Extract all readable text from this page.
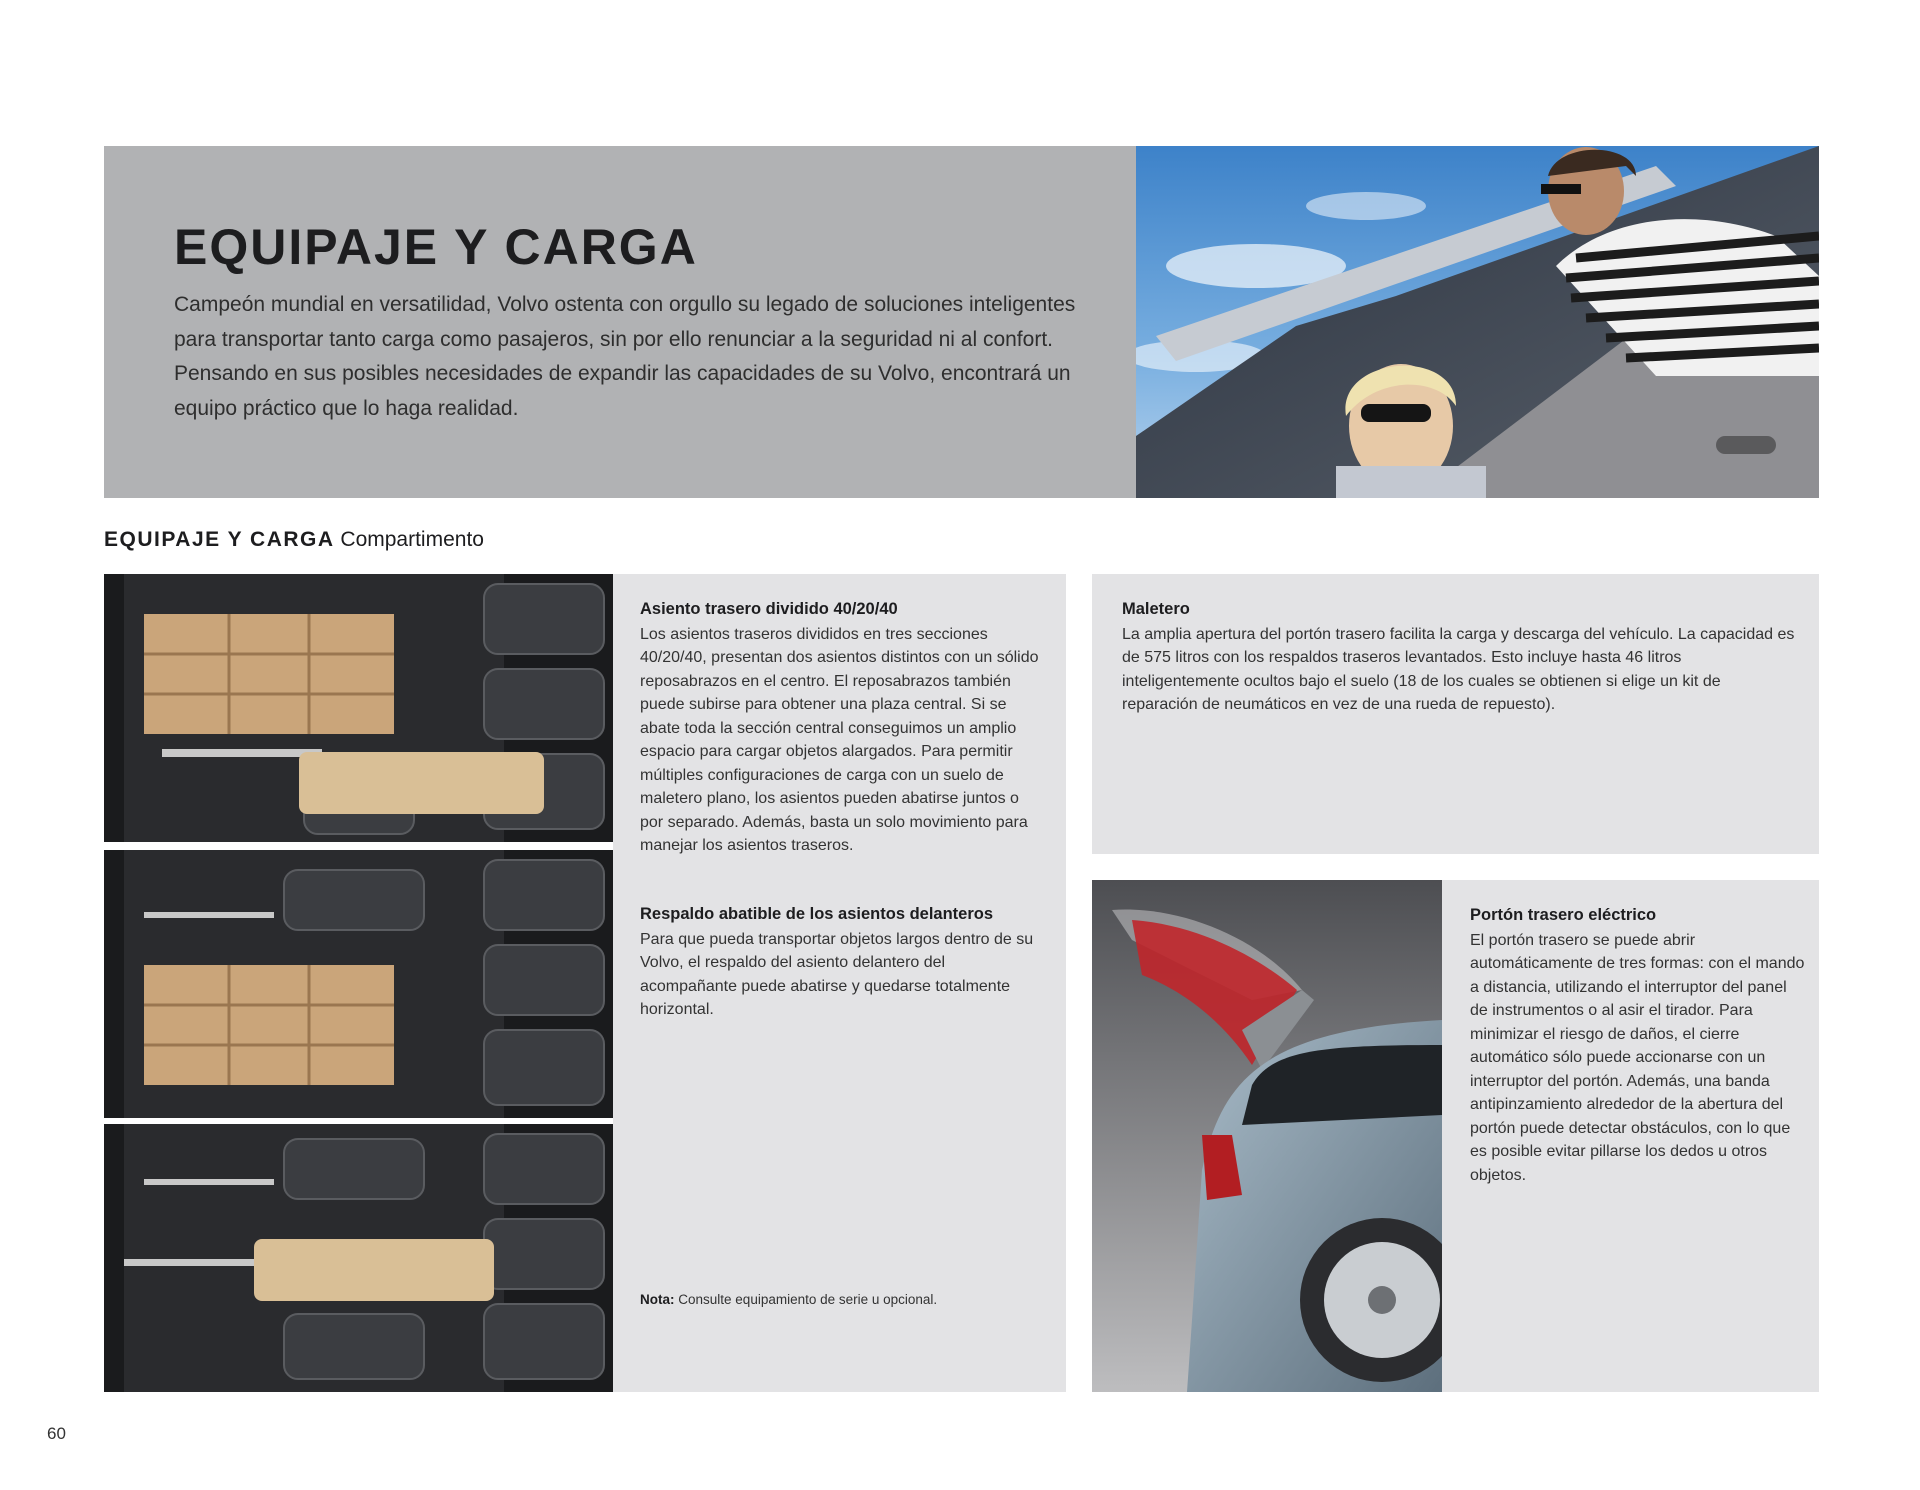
EQUIPAJE Y CARGA

Campeón mundial en versatilidad, Volvo ostenta con orgullo su legado de soluciones inteligentes para transportar tanto carga como pasajeros, sin por ello renunciar a la seguridad ni al confort. Pensando en sus posibles necesidades de expandir las capacidades de su Volvo, encontrará un equipo práctico que lo haga realidad.

EQUIPAJE Y CARGA Compartimento

Asiento trasero dividido 40/20/40

Los asientos traseros divididos en tres secciones 40/20/40, presentan dos asientos distintos con un sólido reposabrazos en el centro. El reposabrazos también puede subirse para obtener una plaza central. Si se abate toda la sección central conseguimos un amplio espacio para cargar objetos alargados. Para permitir múltiples configuraciones de carga con un suelo de maletero plano, los asientos pueden abatirse juntos o por separado. Además, basta un solo movimiento para manejar los asientos traseros.

Respaldo abatible de los asientos delanteros

Para que pueda transportar objetos largos dentro de su Volvo, el respaldo del asiento delantero del acompañante puede abatirse y quedarse totalmente horizontal.

Nota: Consulte equipamiento de serie u opcional.

Maletero

La amplia apertura del portón trasero facilita la carga y descarga del vehículo. La capacidad es de 575 litros con los respaldos traseros levantados. Esto incluye hasta 46 litros inteligentemente ocultos bajo el suelo (18 de los cuales se obtienen si elige un kit de reparación de neumáticos en vez de una rueda de repuesto).

Portón trasero eléctrico

El portón trasero se puede abrir automáticamente de tres formas: con el mando a distancia, utilizando el interruptor del panel de instrumentos o al asir el tirador. Para minimizar el riesgo de daños, el cierre automático sólo puede accionarse con un interruptor del portón. Además, una banda antipinzamiento alrededor de la abertura del portón puede detectar obstáculos, con lo que es posible evitar pillarse los dedos u otros objetos.

60
